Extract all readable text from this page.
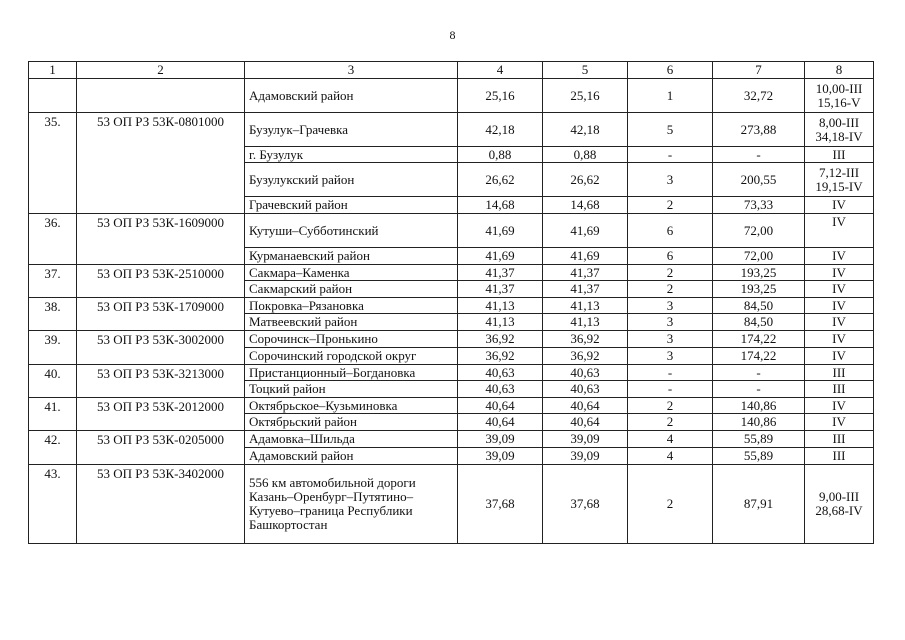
8
1	2	3	4	5	6	7	8

		Адамовский район	25,16	25,16	1	32,72	10,00-III
15,16-V

35.	53 ОП РЗ 53К-0801000	Бузулук–Грачевка	42,18	42,18	5	273,88	8,00-III
34,18-IV

		г. Бузулук	0,88	0,88	-	-	III

		Бузулукский район	26,62	26,62	3	200,55	7,12-III
19,15-IV

		Грачевский район	14,68	14,68	2	73,33	IV

36.	53 ОП РЗ 53К-1609000	Кутуши–Субботинский	41,69	41,69	6	72,00	IV

		Курманаевский район	41,69	41,69	6	72,00	IV

37.	53 ОП РЗ 53К-2510000	Сакмара–Каменка	41,37	41,37	2	193,25	IV

		Сакмарский район	41,37	41,37	2	193,25	IV

38.	53 ОП РЗ 53К-1709000	Покровка–Рязановка	41,13	41,13	3	84,50	IV

		Матвеевский район	41,13	41,13	3	84,50	IV

39.	53 ОП РЗ 53К-3002000	Сорочинск–Пронькино	36,92	36,92	3	174,22	IV

		Сорочинский городской округ	36,92	36,92	3	174,22	IV

40.	53 ОП РЗ 53К-3213000	Пристанционный–Богдановка	40,63	40,63	-	-	III

		Тоцкий район	40,63	40,63	-	-	III

41.	53 ОП РЗ 53К-2012000	Октябрьское–Кузьминовка	40,64	40,64	2	140,86	IV

		Октябрьский район	40,64	40,64	2	140,86	IV

42.	53 ОП РЗ 53К-0205000	Адамовка–Шильда	39,09	39,09	4	55,89	III

		Адамовский район	39,09	39,09	4	55,89	III

43.	53 ОП РЗ 53К-3402000	556 км автомобильной дороги
Казань–Оренбург–Путятино–
Кутуево–граница Республики
Башкортостан	37,68	37,68	2	87,91	9,00-III
28,68-IV
